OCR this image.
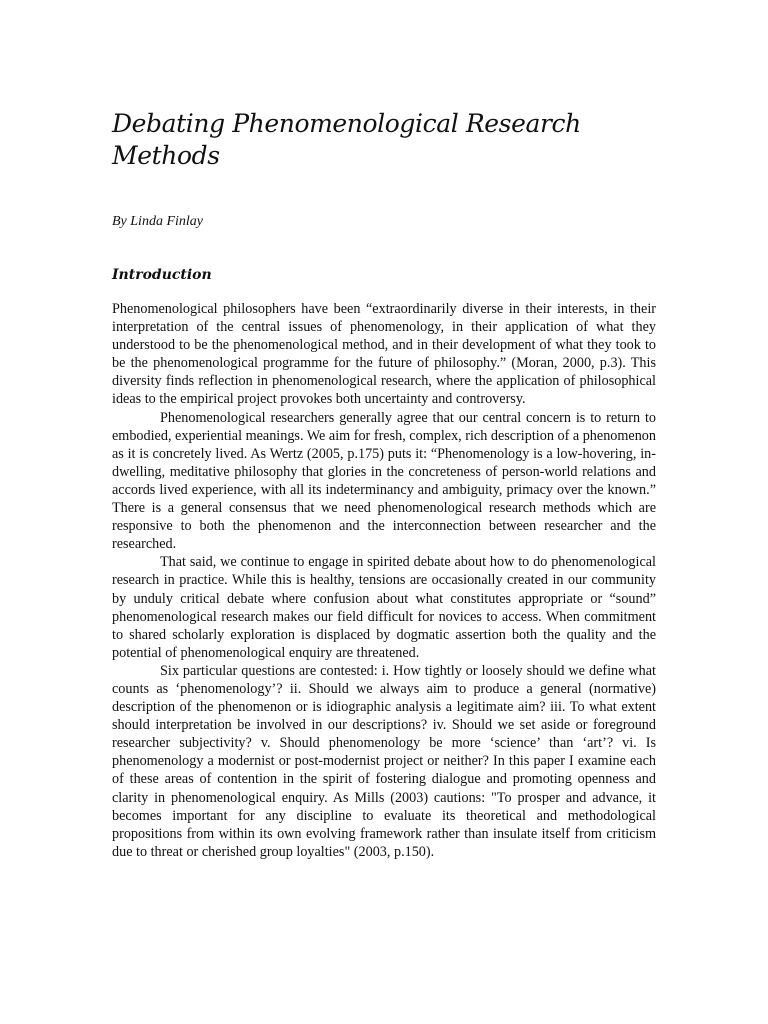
Debating Phenomenological Research Methods

By Linda Finlay

Introduction

Phenomenological philosophers have been “extraordinarily diverse in their interests, in their interpretation of the central issues of phenomenology, in their application of what they understood to be the phenomenological method, and in their development of what they took to be the phenomenological programme for the future of philosophy.” (Moran, 2000, p.3). This diversity finds reflection in phenomenological research, where the application of philosophical ideas to the empirical project provokes both uncertainty and controversy.

Phenomenological researchers generally agree that our central concern is to return to embodied, experiential meanings. We aim for fresh, complex, rich description of a phenomenon as it is concretely lived. As Wertz (2005, p.175) puts it: “Phenomenology is a low-hovering, in-dwelling, meditative philosophy that glories in the concreteness of person-world relations and accords lived experience, with all its indeterminancy and ambiguity, primacy over the known.” There is a general consensus that we need phenomenological research methods which are responsive to both the phenomenon and the interconnection between researcher and the researched.

That said, we continue to engage in spirited debate about how to do phenomenological research in practice. While this is healthy, tensions are occasionally created in our community by unduly critical debate where confusion about what constitutes appropriate or “sound” phenomenological research makes our field difficult for novices to access. When commitment to shared scholarly exploration is displaced by dogmatic assertion both the quality and the potential of phenomenological enquiry are threatened.

Six particular questions are contested: i. How tightly or loosely should we define what counts as ‘phenomenology’? ii. Should we always aim to produce a general (normative) description of the phenomenon or is idiographic analysis a legitimate aim? iii. To what extent should interpretation be involved in our descriptions? iv. Should we set aside or foreground researcher subjectivity? v. Should phenomenology be more ‘science’ than ‘art’? vi. Is phenomenology a modernist or post-modernist project or neither? In this paper I examine each of these areas of contention in the spirit of fostering dialogue and promoting openness and clarity in phenomenological enquiry. As Mills (2003) cautions: "To prosper and advance, it becomes important for any discipline to evaluate its theoretical and methodological propositions from within its own evolving framework rather than insulate itself from criticism due to threat or cherished group loyalties" (2003, p.150).
